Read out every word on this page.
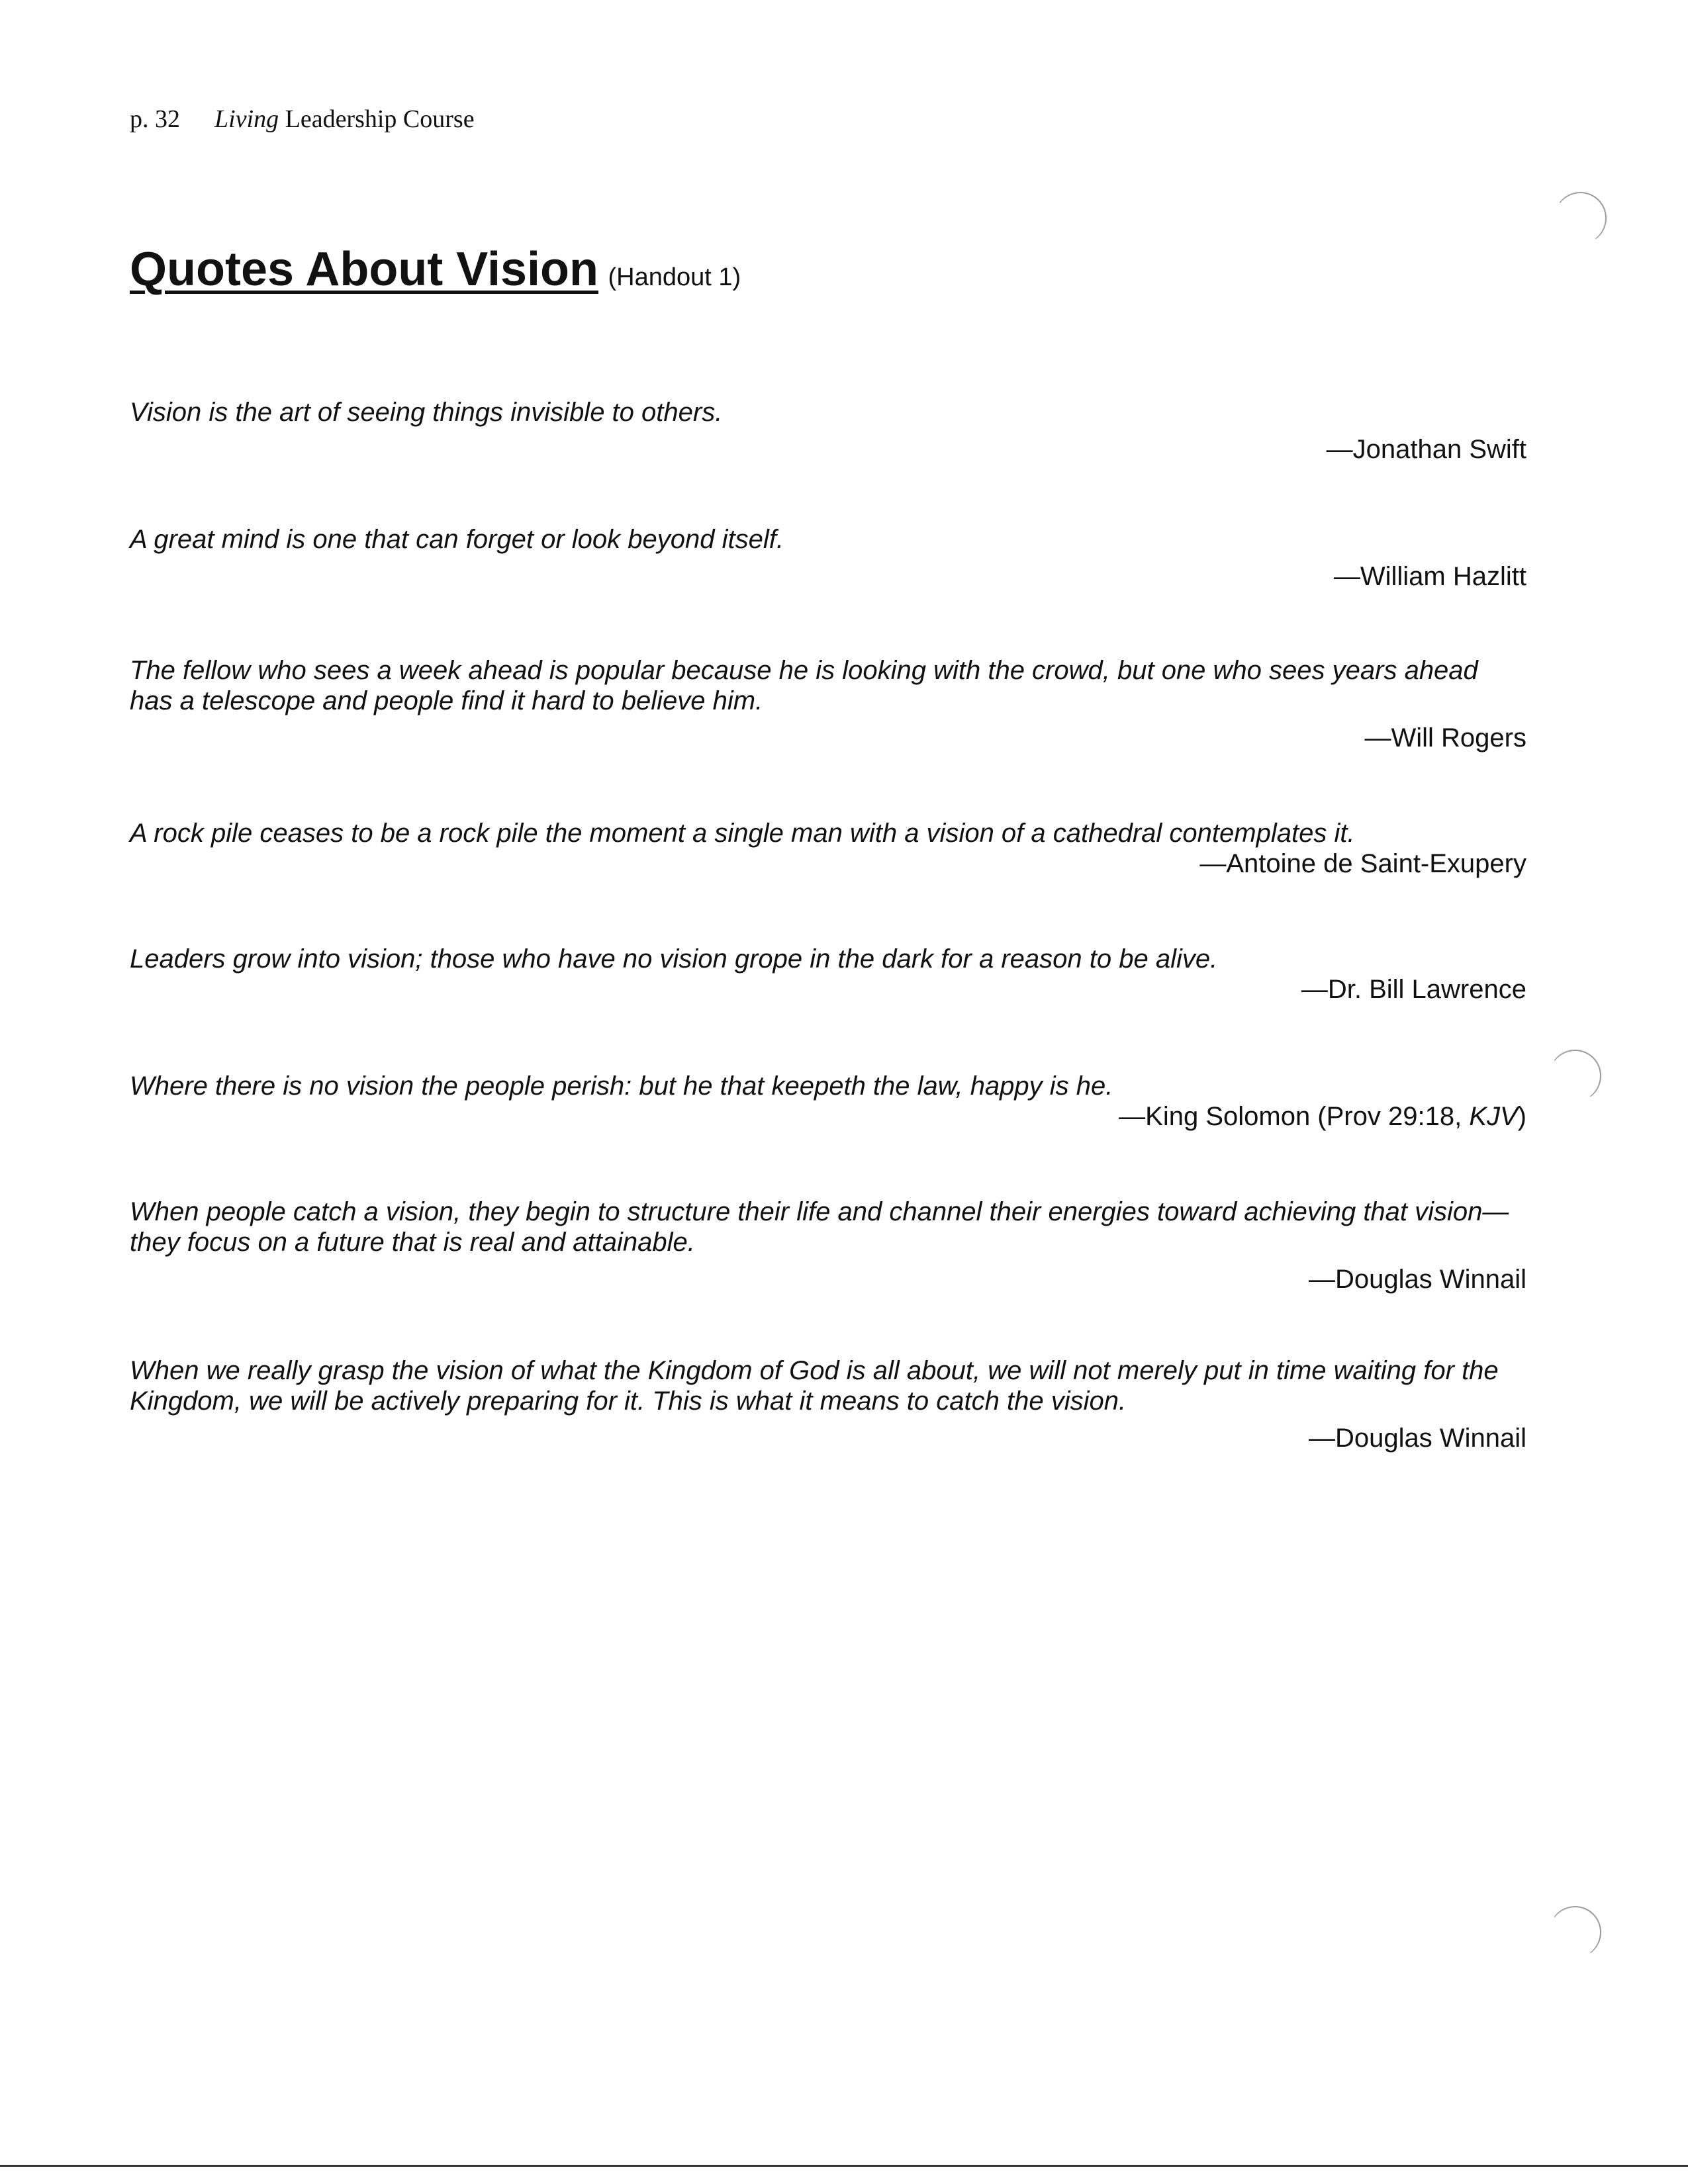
p. 32 Living Leadership Course
Quotes About Vision (Handout 1)
Vision is the art of seeing things invisible to others.
—Jonathan Swift
A great mind is one that can forget or look beyond itself.
—William Hazlitt
The fellow who sees a week ahead is popular because he is looking with the crowd, but one who sees years ahead has a telescope and people find it hard to believe him.
—Will Rogers
A rock pile ceases to be a rock pile the moment a single man with a vision of a cathedral contemplates it.
—Antoine de Saint-Exupery
Leaders grow into vision; those who have no vision grope in the dark for a reason to be alive.
—Dr. Bill Lawrence
Where there is no vision the people perish: but he that keepeth the law, happy is he.
—King Solomon (Prov 29:18, KJV)
When people catch a vision, they begin to structure their life and channel their energies toward achieving that vision—they focus on a future that is real and attainable.
—Douglas Winnail
When we really grasp the vision of what the Kingdom of God is all about, we will not merely put in time waiting for the Kingdom, we will be actively preparing for it. This is what it means to catch the vision.
—Douglas Winnail
